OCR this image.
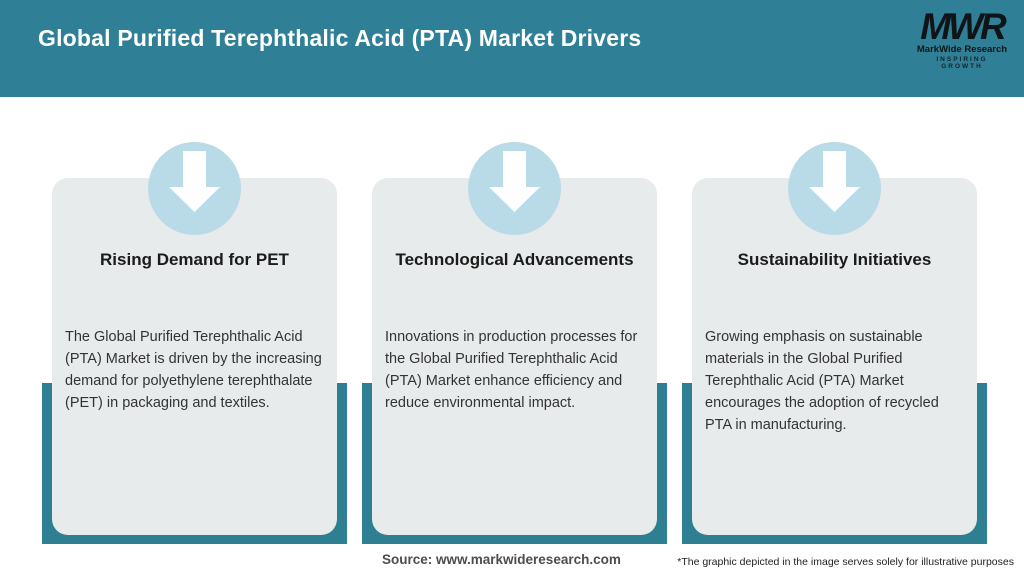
Global Purified Terephthalic Acid (PTA) Market Drivers	MWR
MarkWide Research
INSPIRING GROWTH
Rising Demand for PET
The Global Purified Terephthalic Acid (PTA) Market is driven by the increasing demand for polyethylene terephthalate (PET) in packaging and textiles.
Technological Advancements
Innovations in production processes for the Global Purified Terephthalic Acid (PTA) Market enhance efficiency and reduce environmental impact.
Sustainability Initiatives
Growing emphasis on sustainable materials in the Global Purified Terephthalic Acid (PTA) Market encourages the adoption of recycled PTA in manufacturing.
Source: www.markwideresearch.com	*The graphic depicted in the image serves solely for illustrative purposes
